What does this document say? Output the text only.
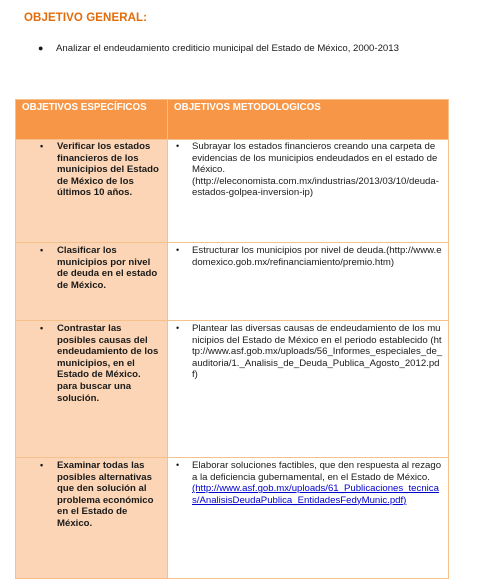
OBJETIVO GENERAL:
●	Analizar el endeudamiento crediticio municipal del Estado de México, 2000-2013
OBJETIVOS ESPECÍFICOS	OBJETIVOS METODOLOGICOS

• Verificar los estados financieros de los municipios del Estado de México de los últimos 10 años.	• Subrayar los estados financieros creando una carpeta de evidencias de los municipios endeudados en el estado de México. (http://eleconomista.com.mx/industrias/2013/03/10/deuda-estados-golpea-inversion-ip)

• Clasificar los municipios por nivel de deuda en el estado de México.	• Estructurar los municipios por nivel de deuda.(http://www.edomexico.gob.mx/refinanciamiento/premio.htm)

• Contrastar las posibles causas del endeudamiento de los municipios, en el Estado de México. para buscar una solución.	• Plantear las diversas causas de endeudamiento de los municipios del Estado de México en el periodo establecido (http://www.asf.gob.mx/uploads/56_Informes_especiales_de_auditoria/1._Analisis_de_Deuda_Publica_Agosto_2012.pdf)

• Examinar todas las posibles alternativas que den solución al problema económico en el Estado de México.	• Elaborar soluciones factibles, que den respuesta al rezago a la deficiencia gubernamental, en el Estado de México.
(http://www.asf.gob.mx/uploads/61_Publicaciones_tecnicas/AnalisisDeudaPublica_EntidadesFedyMunic.pdf)
